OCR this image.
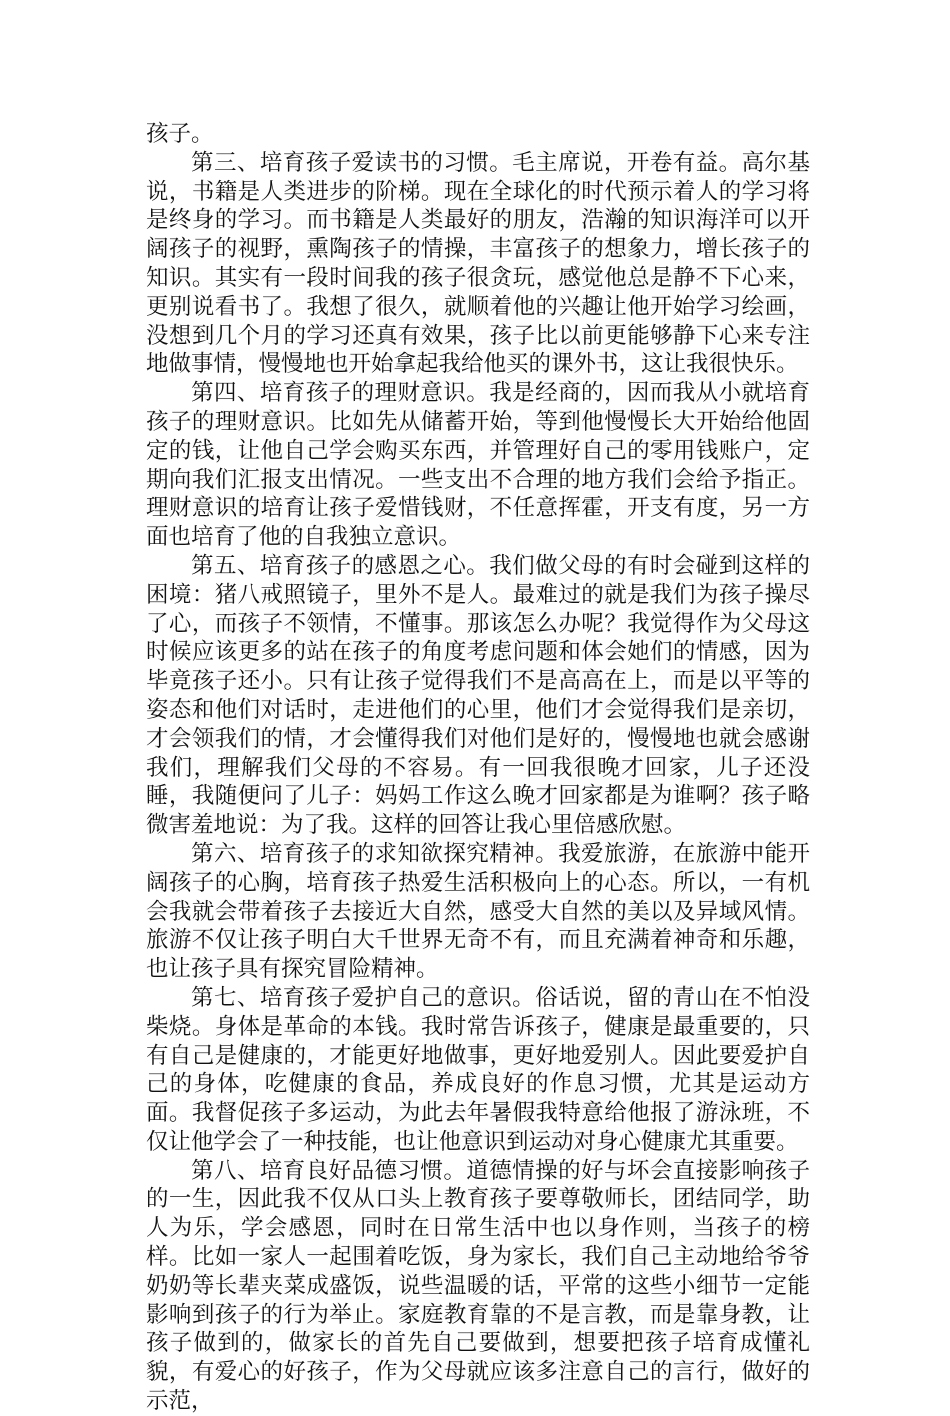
孩子。

第三、培育孩子爱读书的习惯。毛主席说，开卷有益。高尔基说，书籍是人类进步的阶梯。现在全球化的时代预示着人的学习将是终身的学习。而书籍是人类最好的朋友，浩瀚的知识海洋可以开阔孩子的视野，熏陶孩子的情操，丰富孩子的想象力，增长孩子的知识。其实有一段时间我的孩子很贪玩，感觉他总是静不下心来，更别说看书了。我想了很久，就顺着他的兴趣让他开始学习绘画，没想到几个月的学习还真有效果，孩子比以前更能够静下心来专注地做事情，慢慢地也开始拿起我给他买的课外书，这让我很快乐。

第四、培育孩子的理财意识。我是经商的，因而我从小就培育孩子的理财意识。比如先从储蓄开始，等到他慢慢长大开始给他固定的钱，让他自己学会购买东西，并管理好自己的零用钱账户，定期向我们汇报支出情况。一些支出不合理的地方我们会给予指正。理财意识的培育让孩子爱惜钱财，不任意挥霍，开支有度，另一方面也培育了他的自我独立意识。

第五、培育孩子的感恩之心。我们做父母的有时会碰到这样的困境：猪八戒照镜子，里外不是人。最难过的就是我们为孩子操尽了心，而孩子不领情，不懂事。那该怎么办呢？我觉得作为父母这时候应该更多的站在孩子的角度考虑问题和体会她们的情感，因为毕竟孩子还小。只有让孩子觉得我们不是高高在上，而是以平等的姿态和他们对话时，走进他们的心里，他们才会觉得我们是亲切，才会领我们的情，才会懂得我们对他们是好的，慢慢地也就会感谢我们，理解我们父母的不容易。有一回我很晚才回家，儿子还没睡，我随便问了儿子：妈妈工作这么晚才回家都是为谁啊？孩子略微害羞地说：为了我。这样的回答让我心里倍感欣慰。

第六、培育孩子的求知欲探究精神。我爱旅游，在旅游中能开阔孩子的心胸，培育孩子热爱生活积极向上的心态。所以，一有机会我就会带着孩子去接近大自然，感受大自然的美以及异域风情。旅游不仅让孩子明白大千世界无奇不有，而且充满着神奇和乐趣，也让孩子具有探究冒险精神。

第七、培育孩子爱护自己的意识。俗话说，留的青山在不怕没柴烧。身体是革命的本钱。我时常告诉孩子，健康是最重要的，只有自己是健康的，才能更好地做事，更好地爱别人。因此要爱护自己的身体，吃健康的食品，养成良好的作息习惯，尤其是运动方面。我督促孩子多运动，为此去年暑假我特意给他报了游泳班，不仅让他学会了一种技能，也让他意识到运动对身心健康尤其重要。

第八、培育良好品德习惯。道德情操的好与坏会直接影响孩子的一生，因此我不仅从口头上教育孩子要尊敬师长，团结同学，助人为乐，学会感恩，同时在日常生活中也以身作则，当孩子的榜样。比如一家人一起围着吃饭，身为家长，我们自己主动地给爷爷奶奶等长辈夹菜成盛饭，说些温暖的话，平常的这些小细节一定能影响到孩子的行为举止。家庭教育靠的不是言教，而是靠身教，让孩子做到的，做家长的首先自己要做到，想要把孩子培育成懂礼貌，有爱心的好孩子，作为父母就应该多注意自己的言行，做好的示范，
